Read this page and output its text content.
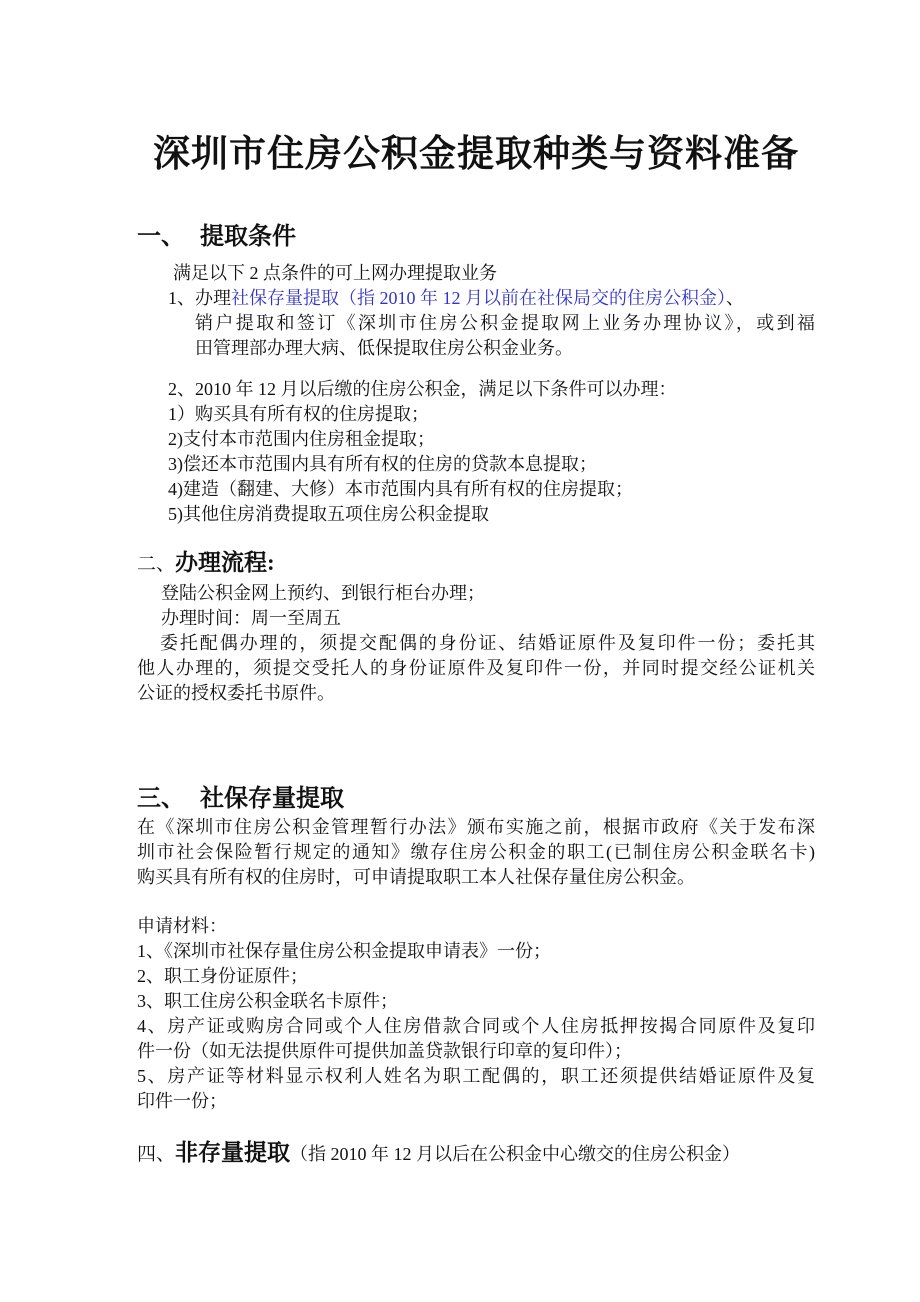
深圳市住房公积金提取种类与资料准备
一、 提取条件
满足以下 2 点条件的可上网办理提取业务
1、办理社保存量提取（指 2010 年 12 月以前在社保局交的住房公积金）、
销户提取和签订《深圳市住房公积金提取网上业务办理协议》，或到福
田管理部办理大病、低保提取住房公积金业务。
2、2010 年 12 月以后缴的住房公积金，满足以下条件可以办理：
1）购买具有所有权的住房提取；
2)支付本市范围内住房租金提取；
3)偿还本市范围内具有所有权的住房的贷款本息提取；
4)建造（翻建、大修）本市范围内具有所有权的住房提取；
5)其他住房消费提取五项住房公积金提取
二、办理流程:
登陆公积金网上预约、到银行柜台办理；
办理时间：周一至周五
委托配偶办理的，须提交配偶的身份证、结婚证原件及复印件一份；委托其
他人办理的，须提交受托人的身份证原件及复印件一份，并同时提交经公证机关
公证的授权委托书原件。
三、 社保存量提取
在《深圳市住房公积金管理暂行办法》颁布实施之前，根据市政府《关于发布深
圳市社会保险暂行规定的通知》缴存住房公积金的职工(已制住房公积金联名卡)
购买具有所有权的住房时，可申请提取职工本人社保存量住房公积金。
申请材料：
1、《深圳市社保存量住房公积金提取申请表》一份；
2、职工身份证原件；
3、职工住房公积金联名卡原件；
4、房产证或购房合同或个人住房借款合同或个人住房抵押按揭合同原件及复印
件一份（如无法提供原件可提供加盖贷款银行印章的复印件）；
5、房产证等材料显示权利人姓名为职工配偶的，职工还须提供结婚证原件及复
印件一份；
四、非存量提取（指 2010 年 12 月以后在公积金中心缴交的住房公积金）
